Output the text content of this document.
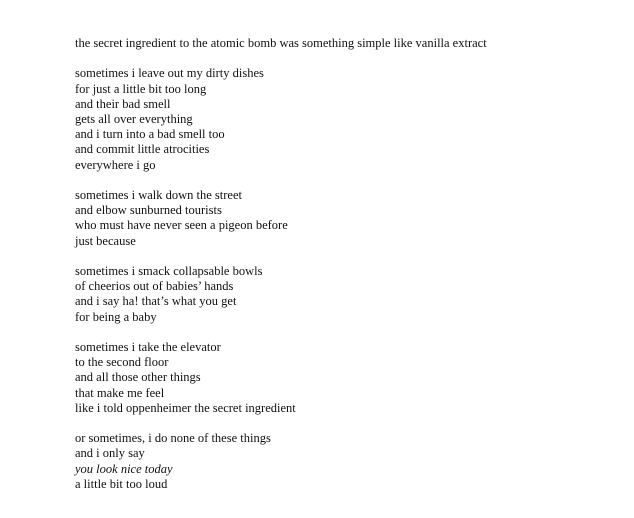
the secret ingredient to the atomic bomb was something simple like vanilla extract
sometimes i leave out my dirty dishes
for just a little bit too long
and their bad smell
gets all over everything
and i turn into a bad smell too
and commit little atrocities
everywhere i go
sometimes i walk down the street
and elbow sunburned tourists
who must have never seen a pigeon before
just because
sometimes i smack collapsable bowls
of cheerios out of babies’ hands
and i say ha! that’s what you get
for being a baby
sometimes i take the elevator
to the second floor
and all those other things
that make me feel
like i told oppenheimer the secret ingredient
or sometimes, i do none of these things
and i only say
you look nice today
a little bit too loud
